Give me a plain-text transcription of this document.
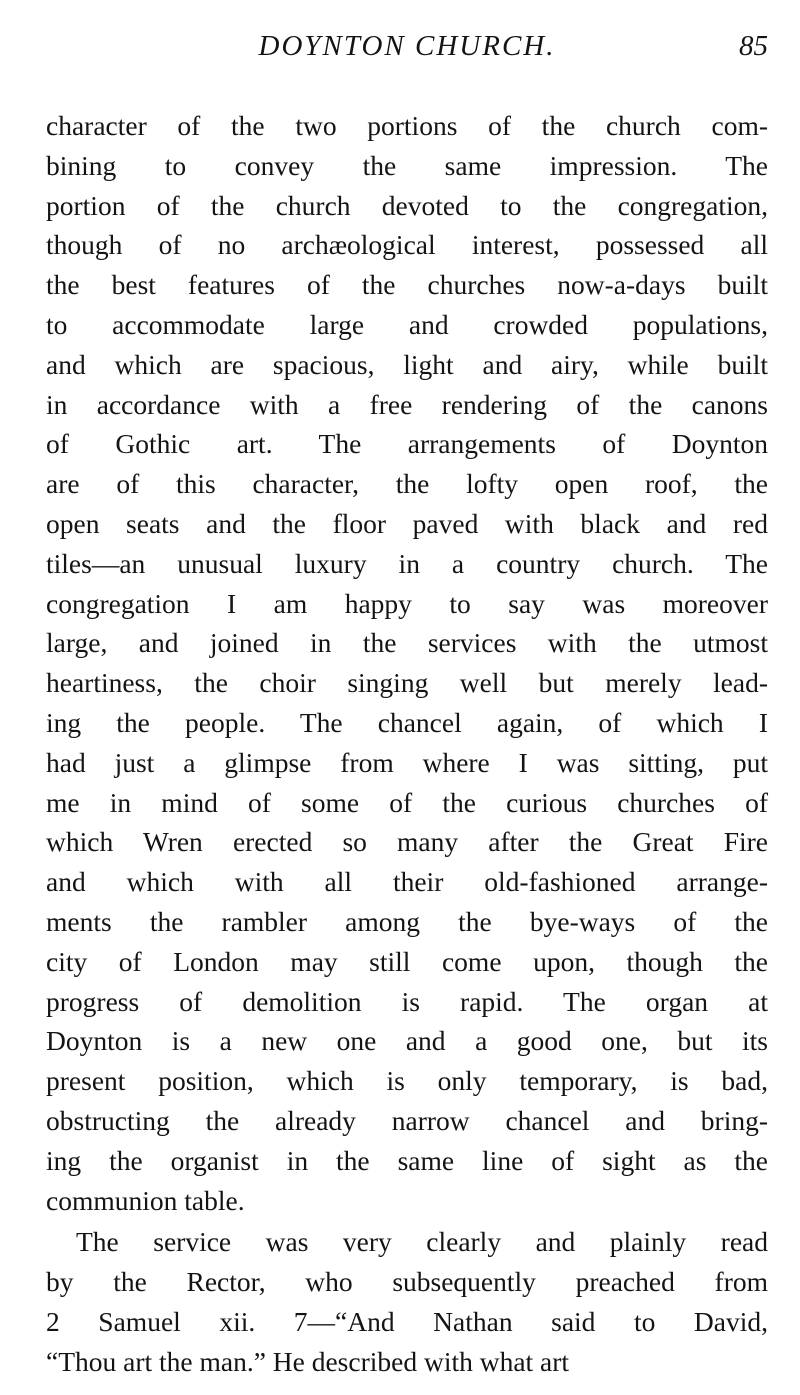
DOYNTON CHURCH.	85
character of the two portions of the church com-
bining to convey the same impression. The
portion of the church devoted to the congregation,
though of no archæological interest, possessed all
the best features of the churches now-a-days built
to accommodate large and crowded populations,
and which are spacious, light and airy, while built
in accordance with a free rendering of the canons
of Gothic art. The arrangements of Doynton
are of this character, the lofty open roof, the
open seats and the floor paved with black and red
tiles—an unusual luxury in a country church. The
congregation I am happy to say was moreover
large, and joined in the services with the utmost
heartiness, the choir singing well but merely lead-
ing the people. The chancel again, of which I
had just a glimpse from where I was sitting, put
me in mind of some of the curious churches of
which Wren erected so many after the Great Fire
and which with all their old-fashioned arrange-
ments the rambler among the bye-ways of the
city of London may still come upon, though the
progress of demolition is rapid. The organ at
Doynton is a new one and a good one, but its
present position, which is only temporary, is bad,
obstructing the already narrow chancel and bring-
ing the organist in the same line of sight as the
communion table.
The service was very clearly and plainly read
by the Rector, who subsequently preached from
2 Samuel xii. 7—“And Nathan said to David,
“Thou art the man.” He described with what art
